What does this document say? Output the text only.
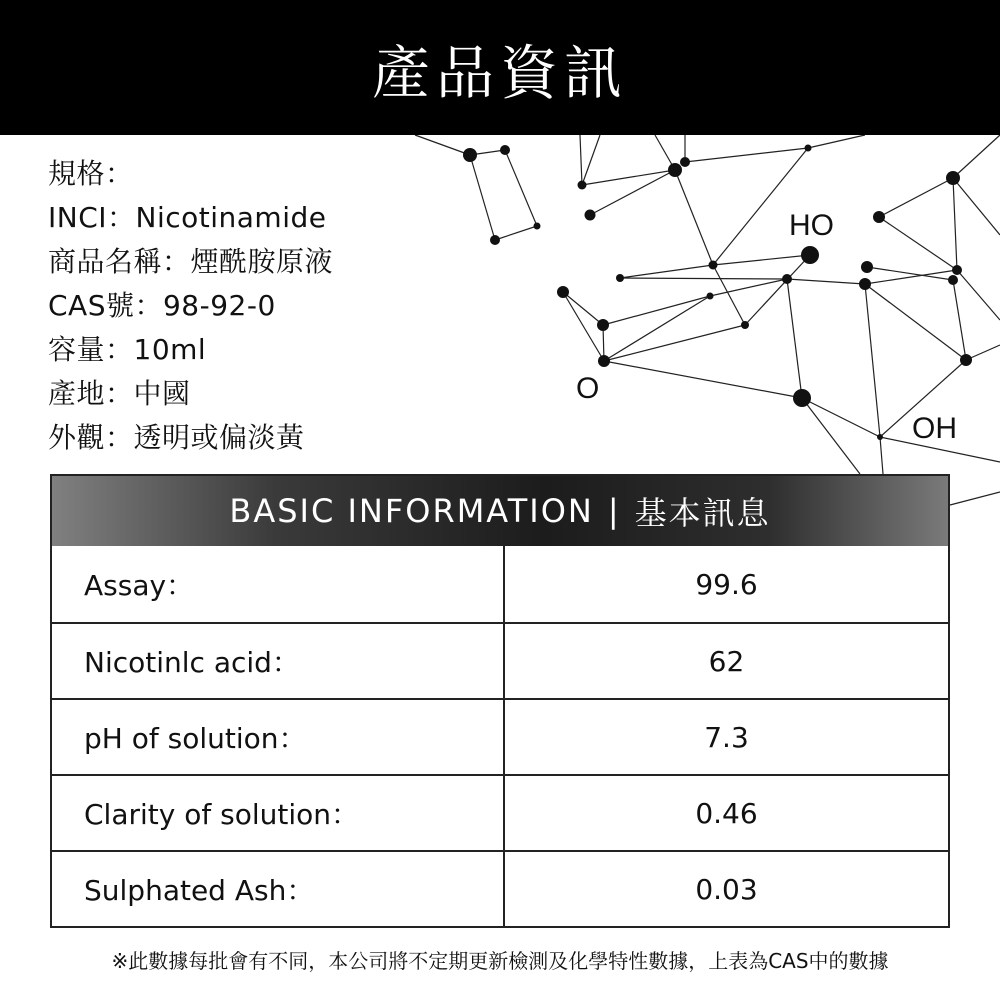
HO
O
OH
產品資訊
規格：
INCI：Nicotinamide
商品名稱：煙酰胺原液
CAS號：98-92-0
容量：10ml
產地：中國
外觀：透明或偏淡黃
BASIC INFORMATION | 基本訊息
Assay：	99.6
Nicotinlc acid：	62
pH of solution：	7.3
Clarity of solution：	0.46
Sulphated Ash：	0.03
※此數據每批會有不同，本公司將不定期更新檢測及化學特性數據，上表為CAS中的數據
